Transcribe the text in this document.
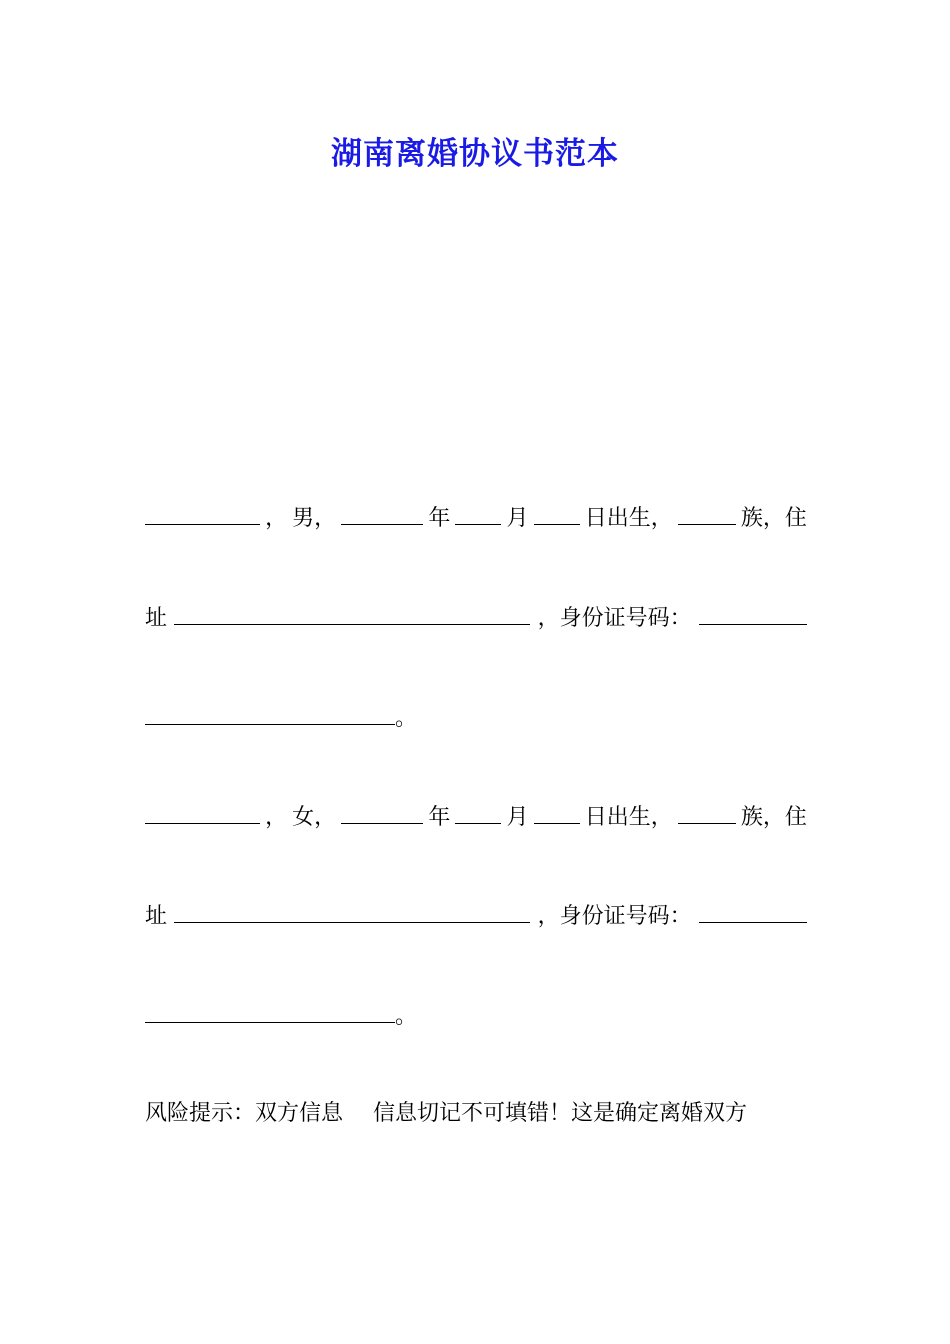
湖南离婚协议书范本
， 男，	年	月	日出生，	族，住
址	，身份证号码：
。
， 女，	年	月	日出生，	族，住
址	，身份证号码：
。
风险提示：双方信息 信息切记不可填错！这是确定离婚双方
